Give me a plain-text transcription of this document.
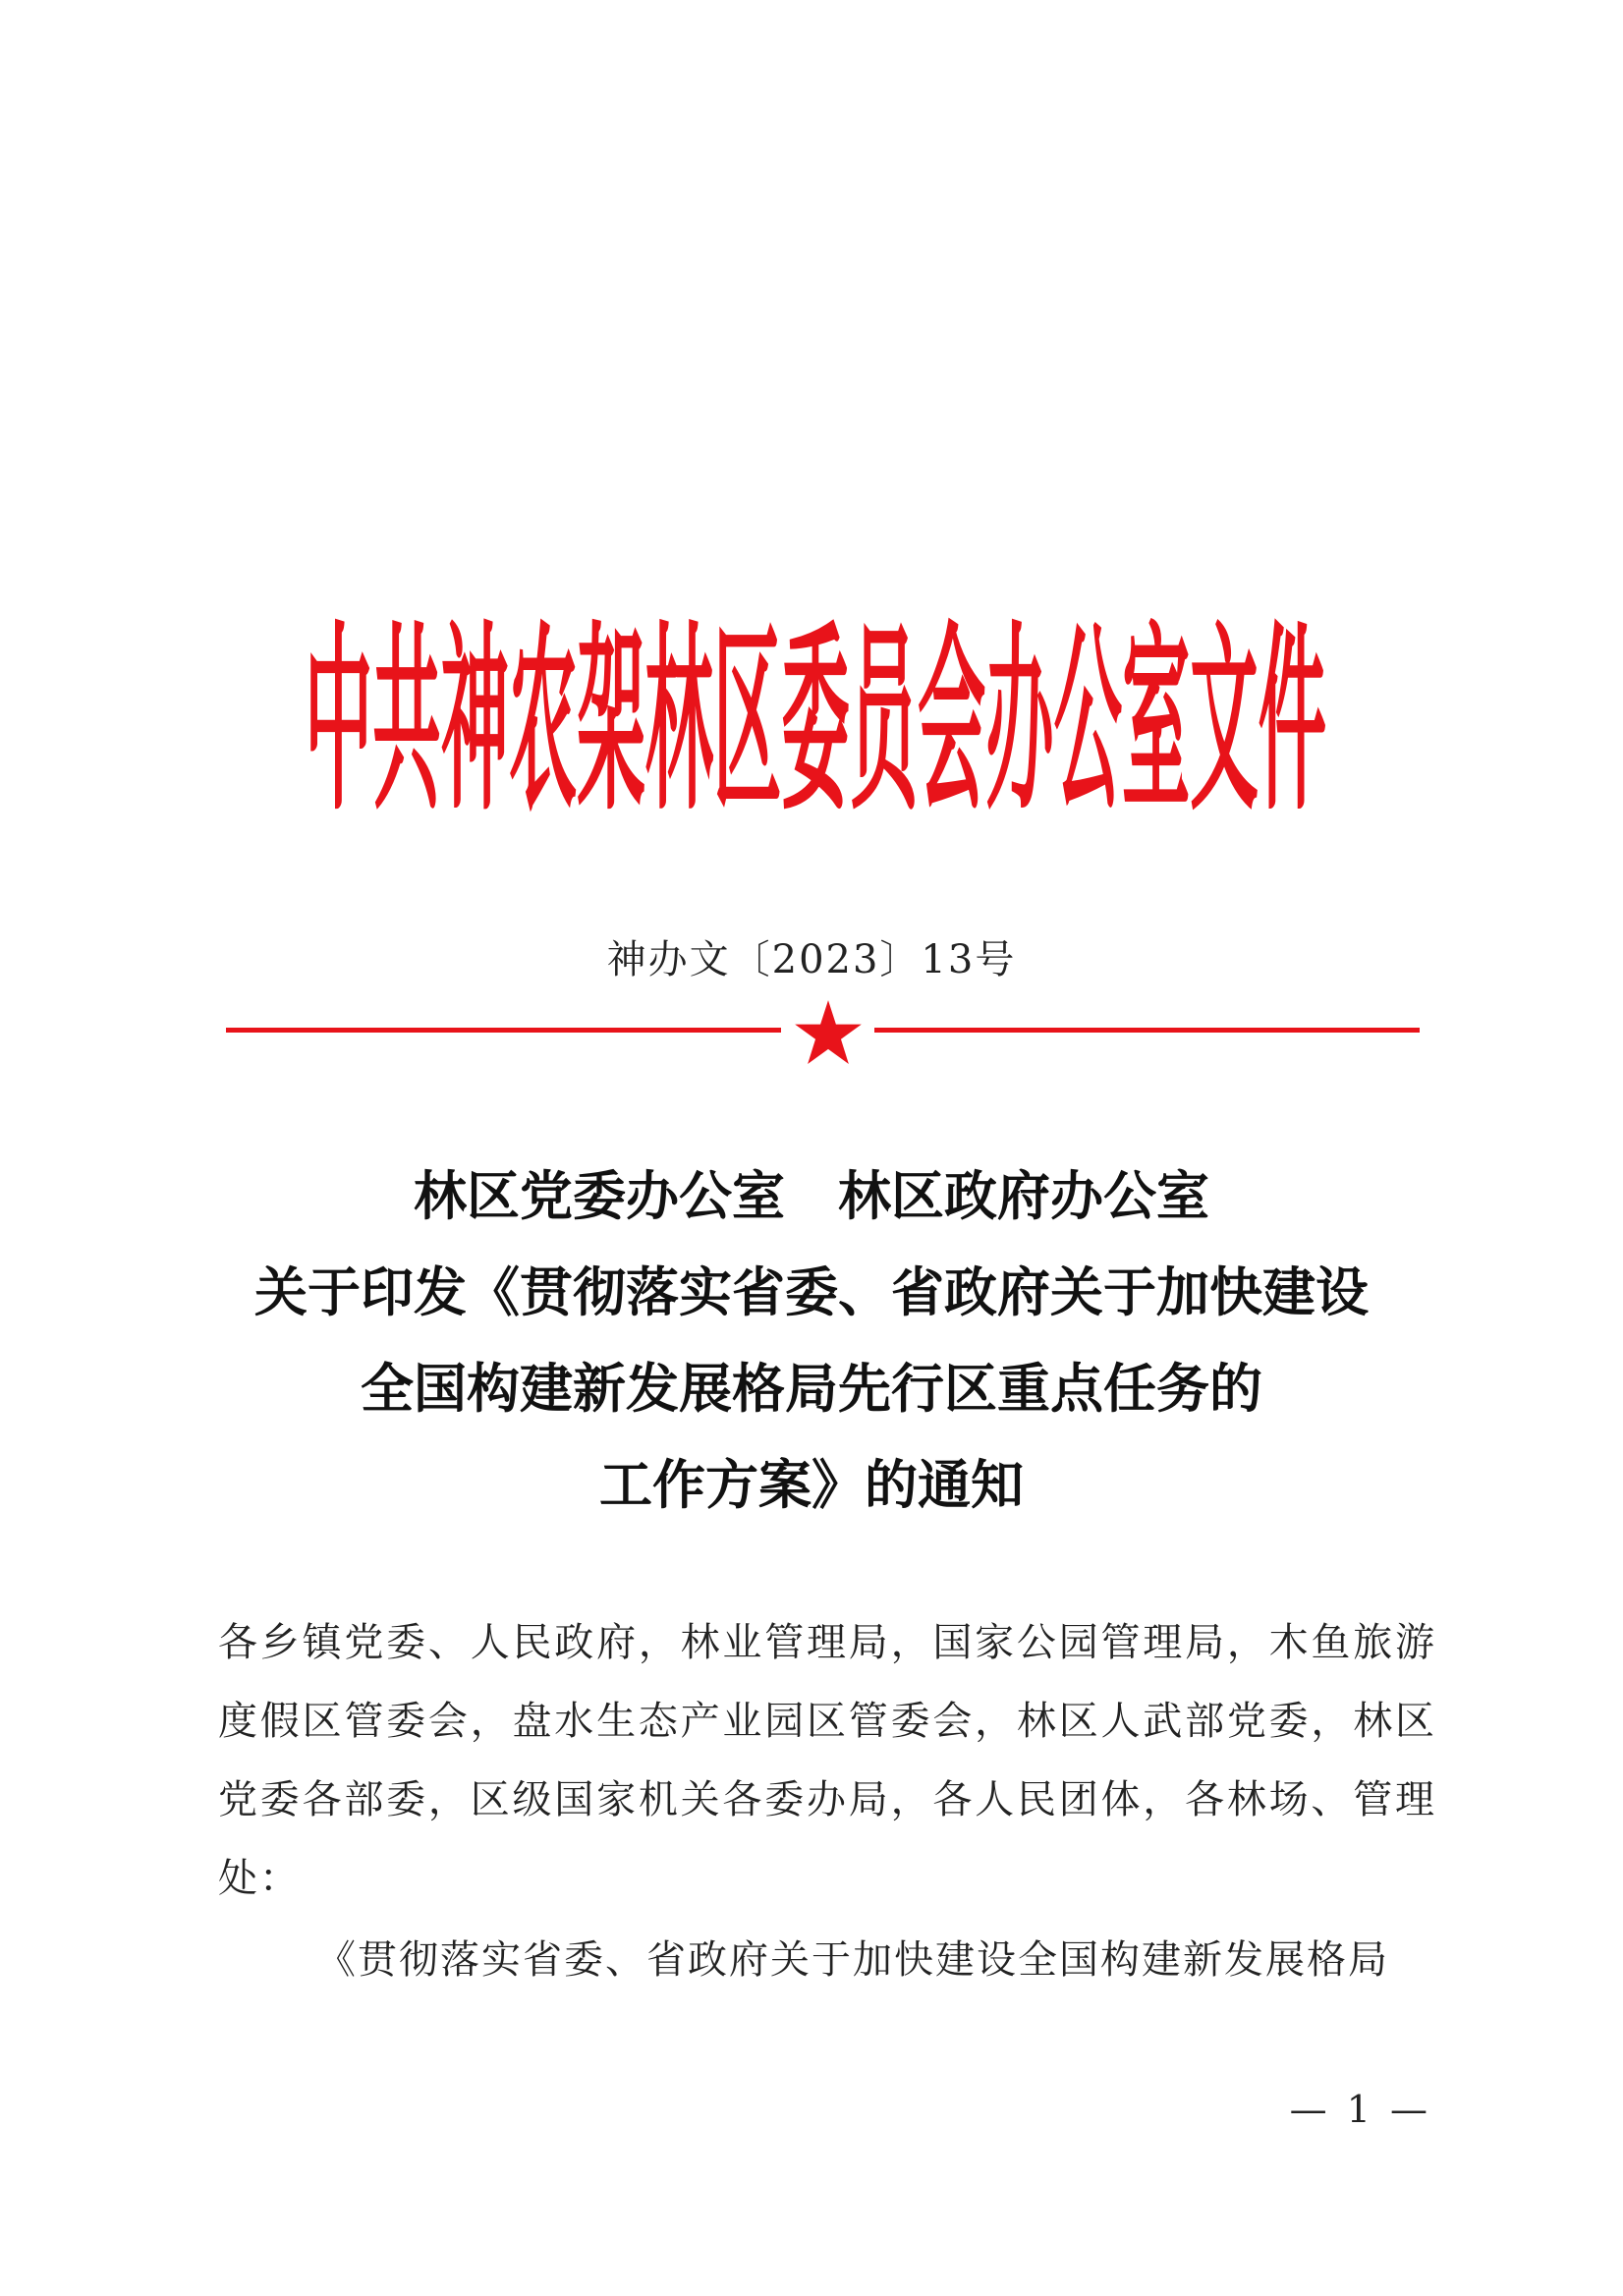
中共神农架林区委员会办公室文件
神办文〔2023〕13号
林区党委办公室　林区政府办公室
关于印发《贯彻落实省委、省政府关于加快建设
全国构建新发展格局先行区重点任务的
工作方案》的通知
各乡镇党委、人民政府，林业管理局，国家公园管理局，木鱼旅游度假区管委会，盘水生态产业园区管委会，林区人武部党委，林区党委各部委，区级国家机关各委办局，各人民团体，各林场、管理处：
《贯彻落实省委、省政府关于加快建设全国构建新发展格局
— 1 —
